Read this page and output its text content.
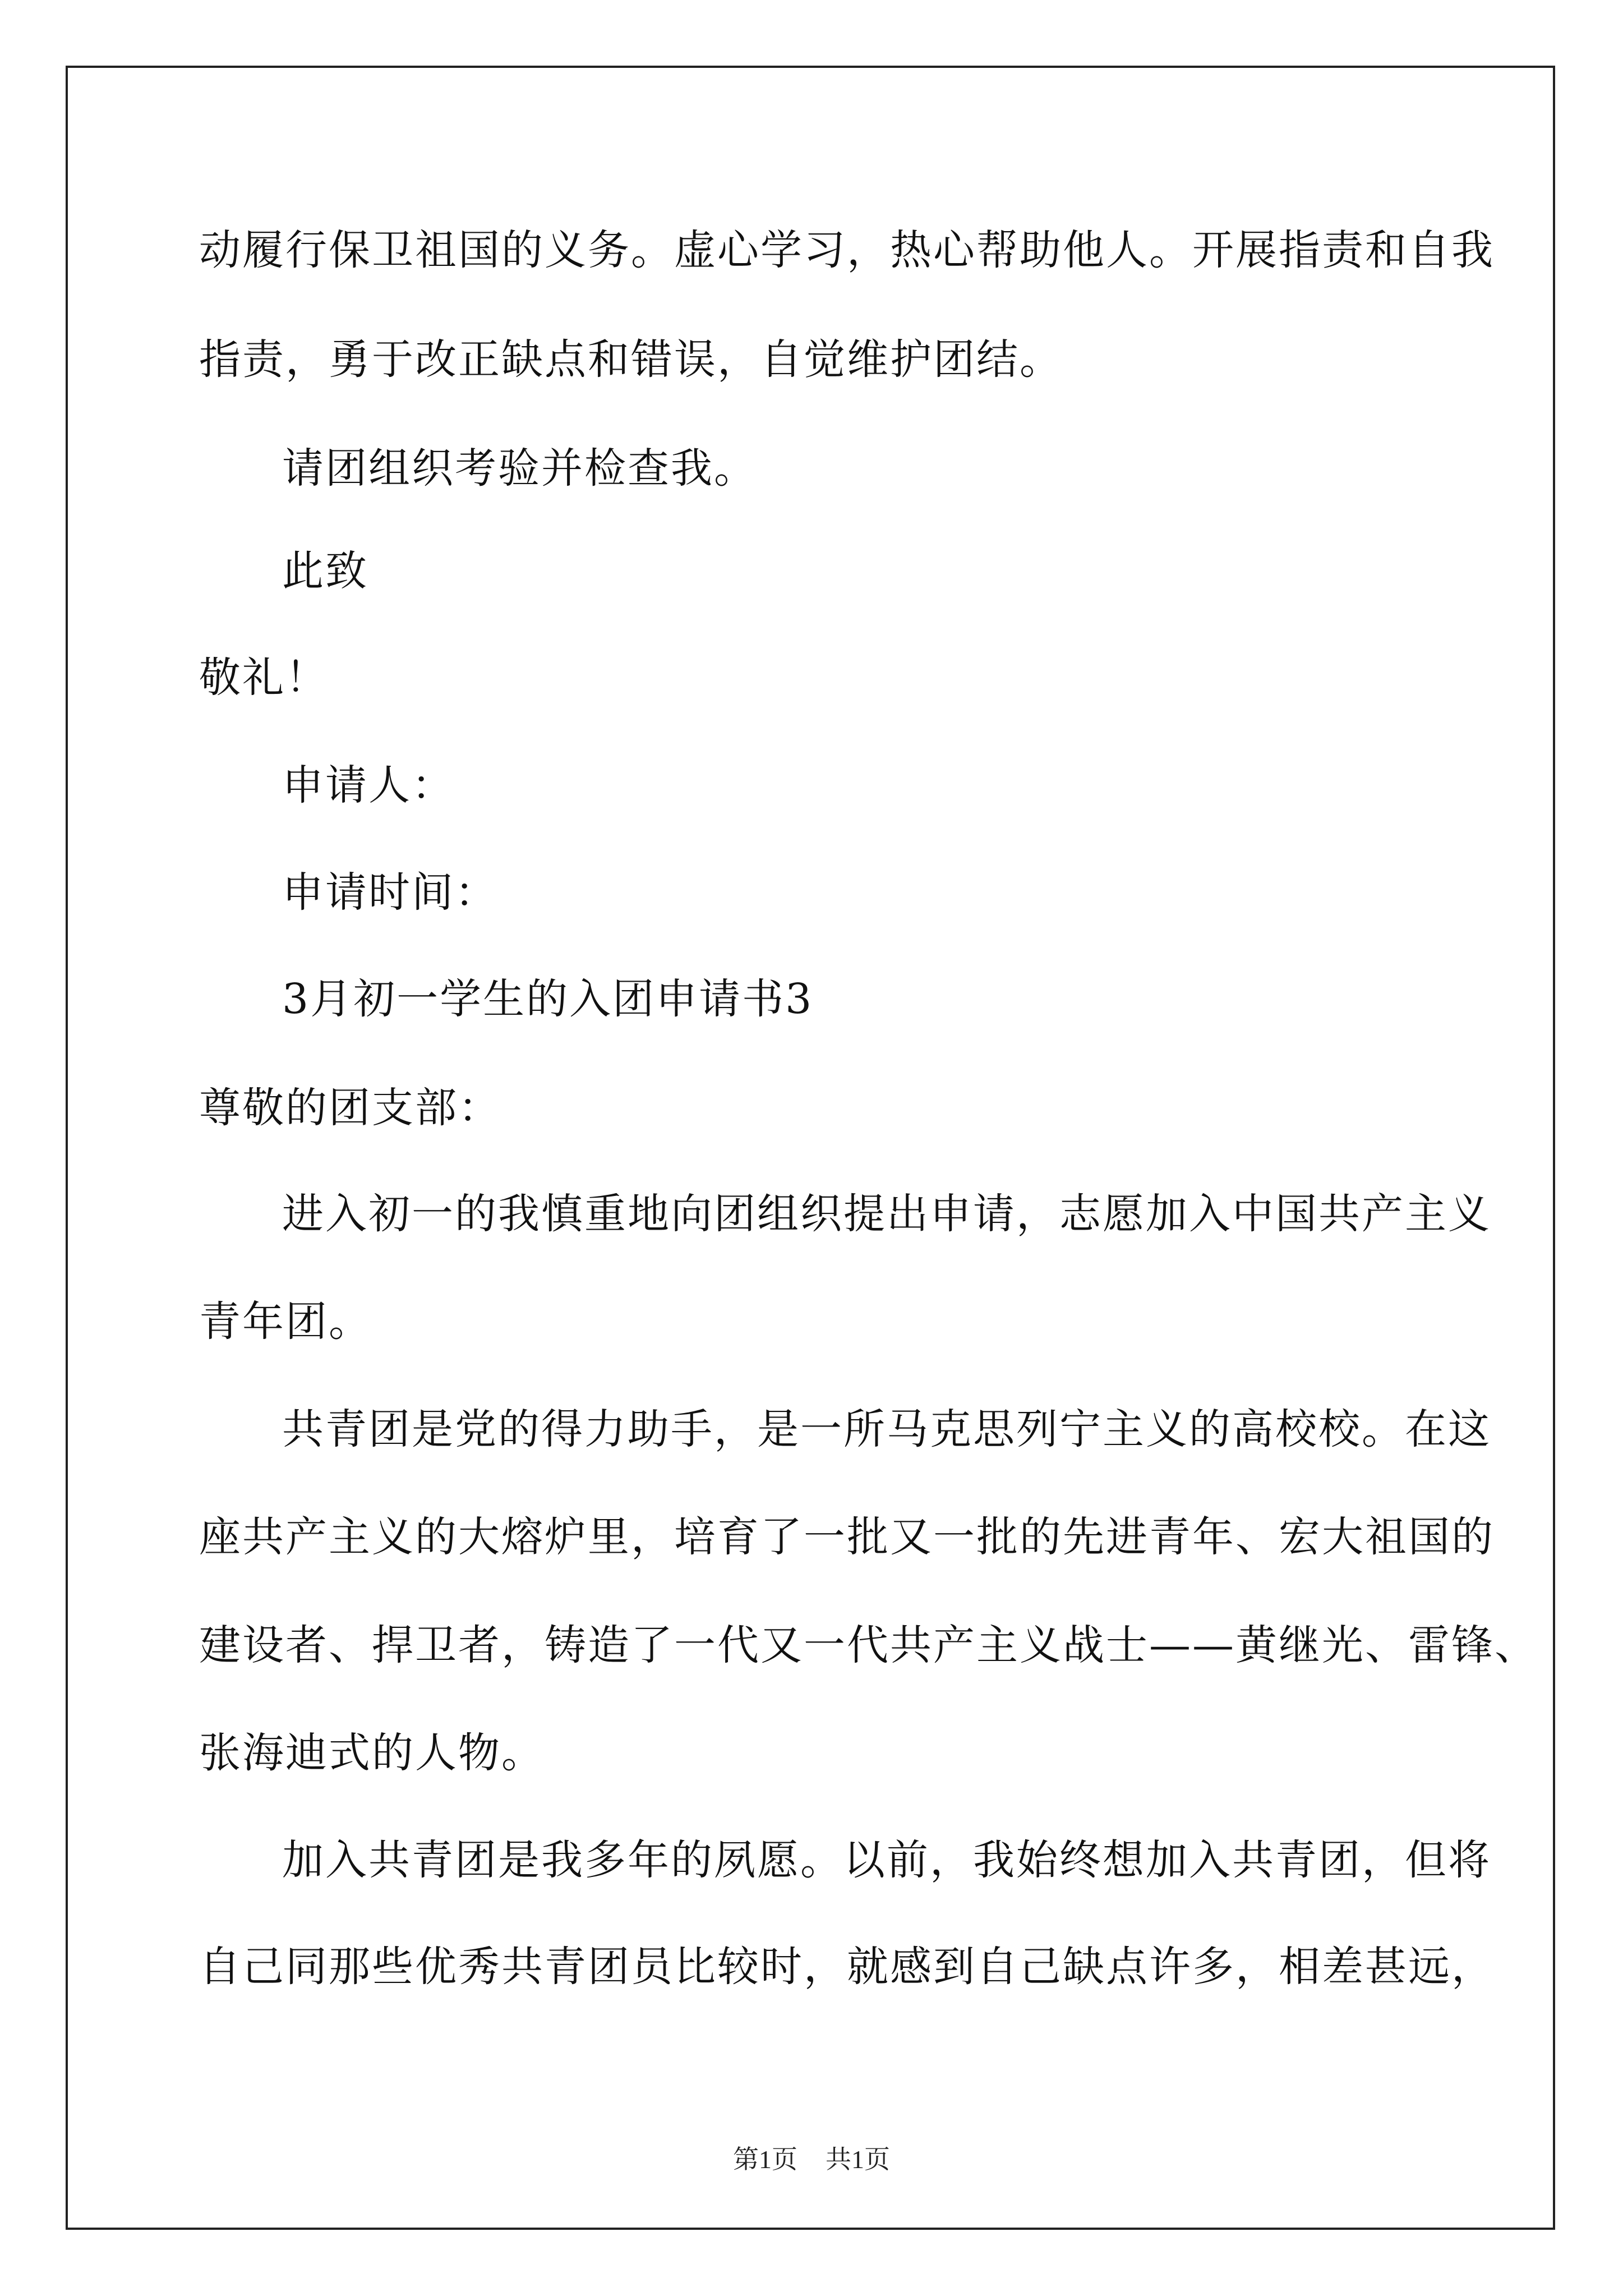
动履行保卫祖国的义务。虚心学习，热心帮助他人。开展指责和自我
指责，勇于改正缺点和错误，自觉维护团结。
请团组织考验并检查我。
此致
敬礼！
申请人：
申请时间：
3月初一学生的入团申请书3
尊敬的团支部：
进入初一的我慎重地向团组织提出申请，志愿加入中国共产主义
青年团。
共青团是党的得力助手，是一所马克思列宁主义的高校校。在这
座共产主义的大熔炉里，培育了一批又一批的先进青年、宏大祖国的
建设者、捍卫者，铸造了一代又一代共产主义战士——黄继光、雷锋、
张海迪式的人物。
加入共青团是我多年的夙愿。以前，我始终想加入共青团，但将
自己同那些优秀共青团员比较时，就感到自己缺点许多，相差甚远，
第1页 共1页
